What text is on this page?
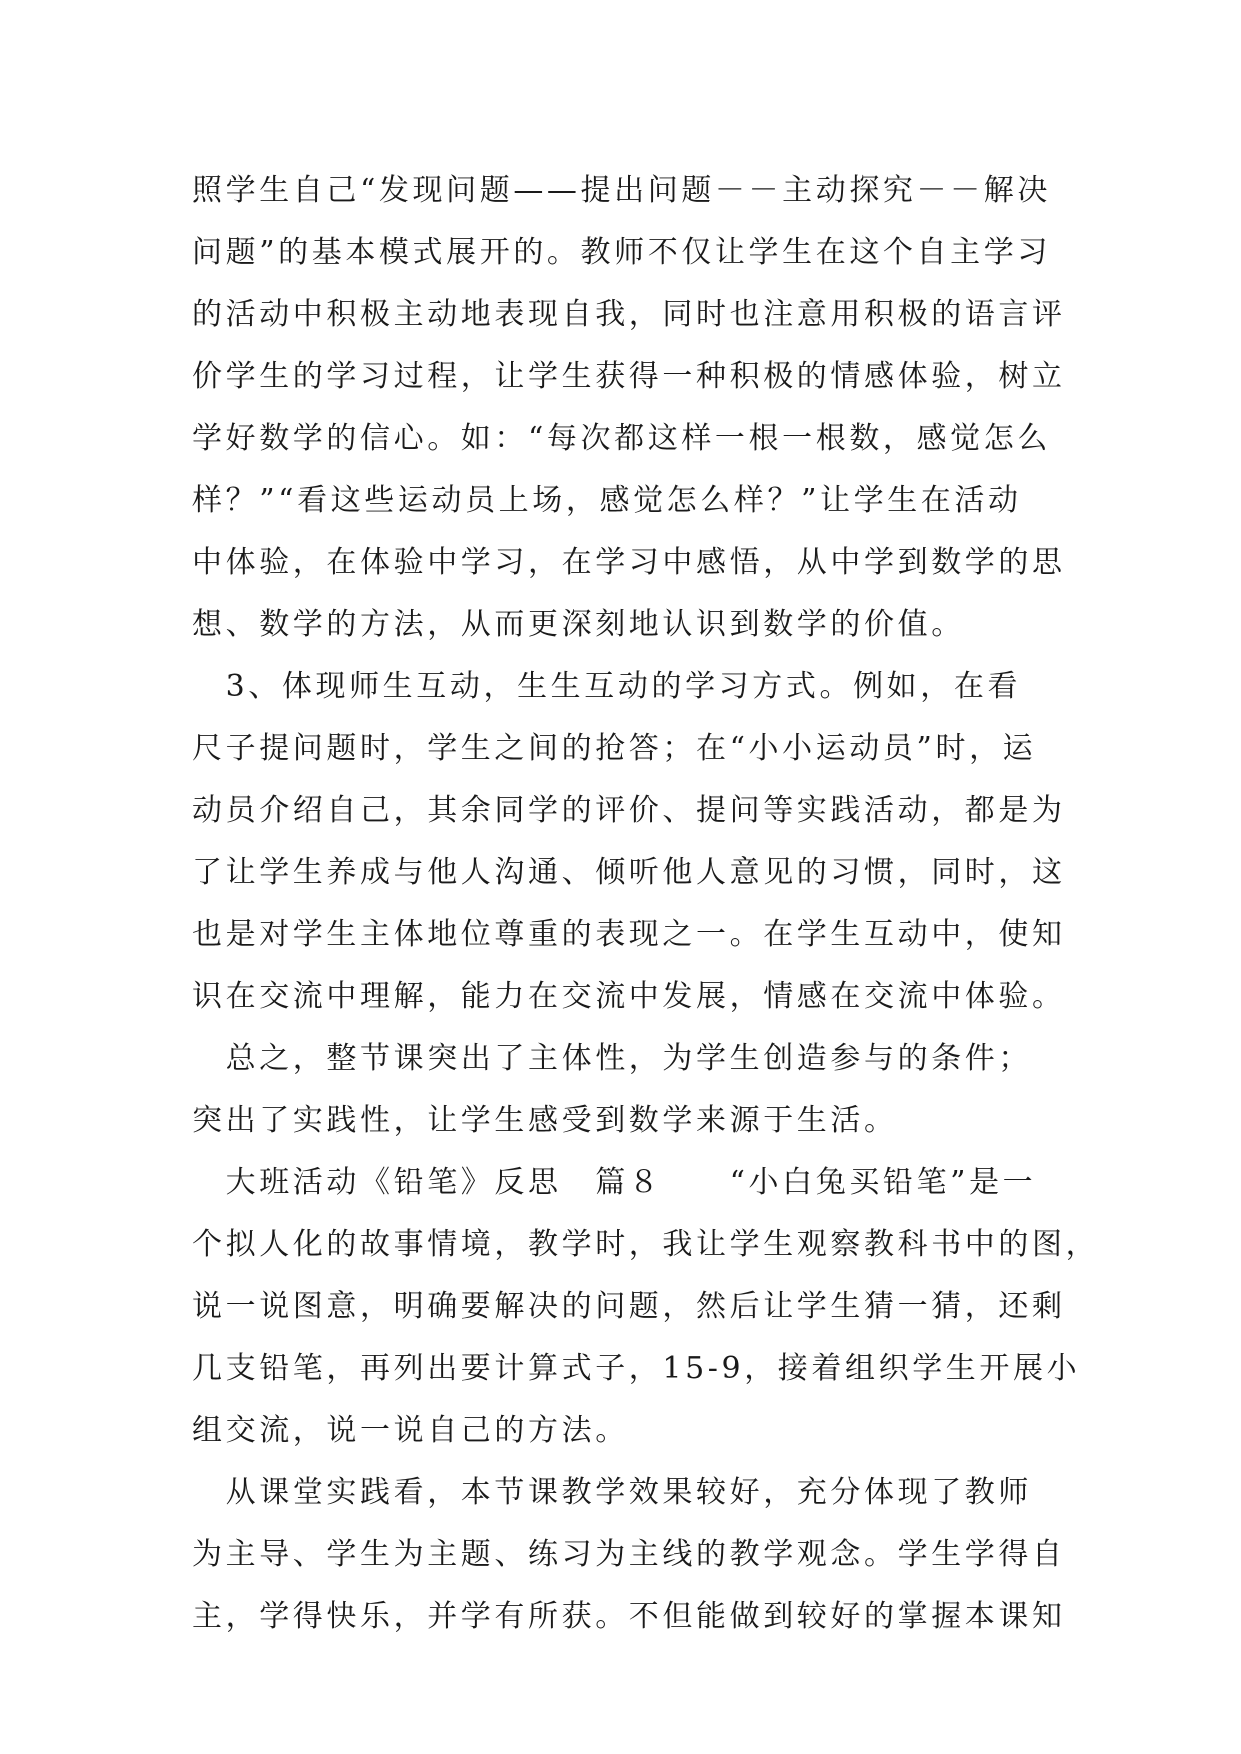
照学生自己“发现问题——提出问题－－主动探究－－解决
问题”的基本模式展开的。教师不仅让学生在这个自主学习
的活动中积极主动地表现自我，同时也注意用积极的语言评
价学生的学习过程，让学生获得一种积极的情感体验，树立
学好数学的信心。如：“每次都这样一根一根数，感觉怎么
样？”“看这些运动员上场，感觉怎么样？”让学生在活动
中体验，在体验中学习，在学习中感悟，从中学到数学的思
想、数学的方法，从而更深刻地认识到数学的价值。
　3、体现师生互动，生生互动的学习方式。例如，在看
尺子提问题时，学生之间的抢答；在“小小运动员”时，运
动员介绍自己，其余同学的评价、提问等实践活动，都是为
了让学生养成与他人沟通、倾听他人意见的习惯，同时，这
也是对学生主体地位尊重的表现之一。在学生互动中，使知
识在交流中理解，能力在交流中发展，情感在交流中体验。
　总之，整节课突出了主体性，为学生创造参与的条件；
突出了实践性，让学生感受到数学来源于生活。
　大班活动《铅笔》反思　篇８　　“小白兔买铅笔”是一
个拟人化的故事情境，教学时，我让学生观察教科书中的图，
说一说图意，明确要解决的问题，然后让学生猜一猜，还剩
几支铅笔，再列出要计算式子，15-9，接着组织学生开展小
组交流，说一说自己的方法。
　从课堂实践看，本节课教学效果较好，充分体现了教师
为主导、学生为主题、练习为主线的教学观念。学生学得自
主，学得快乐，并学有所获。不但能做到较好的掌握本课知
